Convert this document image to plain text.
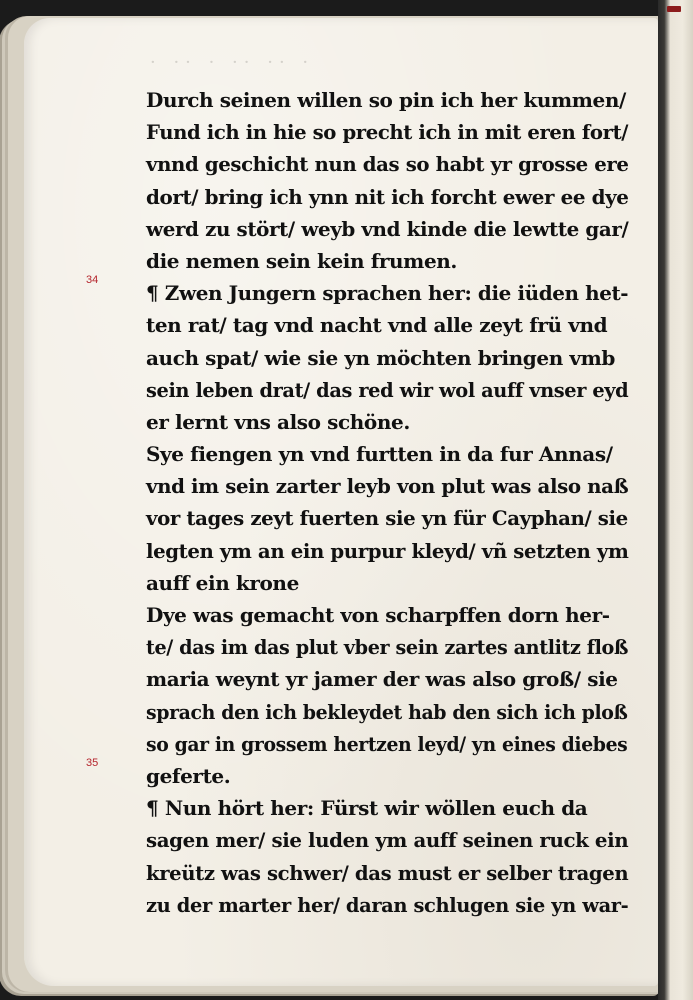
· ·· · ·· ·· ·
34
35
Durch seinen willen so pin ich her kummen/
Fund ich in hie so precht ich in mit eren fort/
vnnd geschicht nun das so habt yr grosse ere
dort/ bring ich ynn nit ich forcht ewer ee dye
werd zu stört/ weyb vnd kinde die lewtte gar/
die nemen sein kein frumen.
¶ Zwen Jungern sprachen her: die iüden het-
ten rat/ tag vnd nacht vnd alle zeyt frü vnd
auch spat/ wie sie yn möchten bringen vmb
sein leben drat/ das red wir wol auff vnser eyd
er lernt vns also schöne.
Sye fiengen yn vnd furtten in da fur Annas/
vnd im sein zarter leyb von plut was also naß
vor tages zeyt fuerten sie yn für Cayphan/ sie
legten ym an ein purpur kleyd/ vñ setzten ym
auff ein krone
Dye was gemacht von scharpffen dorn her-
te/ das im das plut vber sein zartes antlitz floß
maria weynt yr jamer der was also groß/ sie
sprach den ich bekleydet hab den sich ich ploß
so gar in grossem hertzen leyd/ yn eines diebes
geferte.
¶ Nun hört her: Fürst wir wöllen euch da
sagen mer/ sie luden ym auff seinen ruck ein
kreütz was schwer/ das must er selber tragen
zu der marter her/ daran schlugen sie yn war-
